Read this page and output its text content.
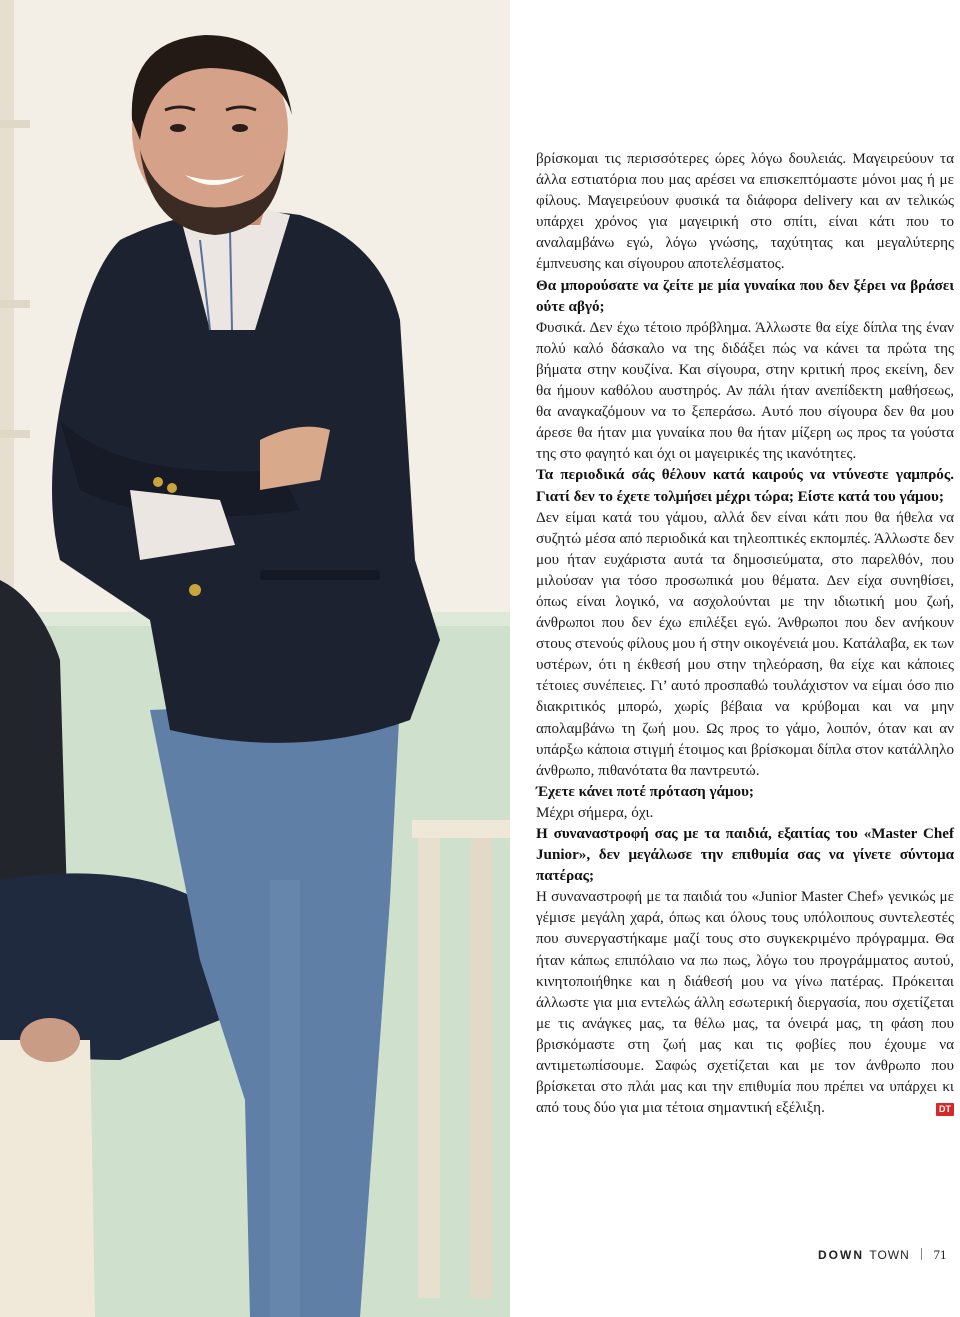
βρίσκομαι τις περισσότερες ώρες λόγω δουλειάς. Μαγειρεύουν τα άλλα εστιατόρια που μας αρέσει να επισκεπτόμαστε μόνοι μας ή με φίλους. Μαγειρεύουν φυσικά τα διάφορα delivery και αν τελικώς υπάρχει χρόνος για μαγειρική στο σπίτι, είναι κάτι που το αναλαμβάνω εγώ, λόγω γνώσης, ταχύτητας και μεγαλύτερης έμπνευσης και σίγουρου αποτελέσματος.

Θα μπορούσατε να ζείτε με μία γυναίκα που δεν ξέρει να βράσει ούτε αβγό;

Φυσικά. Δεν έχω τέτοιο πρόβλημα. Άλλωστε θα είχε δίπλα της έναν πολύ καλό δάσκαλο να της διδάξει πώς να κάνει τα πρώτα της βήματα στην κουζίνα. Και σίγουρα, στην κριτική προς εκείνη, δεν θα ήμουν καθόλου αυστηρός. Αν πάλι ήταν ανεπίδεκτη μαθήσεως, θα αναγκαζόμουν να το ξεπεράσω. Αυτό που σίγουρα δεν θα μου άρεσε θα ήταν μια γυναίκα που θα ήταν μίζερη ως προς τα γούστα της στο φαγητό και όχι οι μαγειρικές της ικανότητες.

Τα περιοδικά σάς θέλουν κατά καιρούς να ντύνεστε γαμπρός. Γιατί δεν το έχετε τολμήσει μέχρι τώρα; Είστε κατά του γάμου;

Δεν είμαι κατά του γάμου, αλλά δεν είναι κάτι που θα ήθελα να συζητώ μέσα από περιοδικά και τηλεοπτικές εκπομπές. Άλλωστε δεν μου ήταν ευχάριστα αυτά τα δημοσιεύματα, στο παρελθόν, που μιλούσαν για τόσο προσωπικά μου θέματα. Δεν είχα συνηθίσει, όπως είναι λογικό, να ασχολούνται με την ιδιωτική μου ζωή, άνθρωποι που δεν έχω επιλέξει εγώ. Άνθρωποι που δεν ανήκουν στους στενούς φίλους μου ή στην οικογένειά μου. Κατάλαβα, εκ των υστέρων, ότι η έκθεσή μου στην τηλεόραση, θα είχε και κάποιες τέτοιες συνέπειες. Γι’ αυτό προσπαθώ τουλάχιστον να είμαι όσο πιο διακριτικός μπορώ, χωρίς βέβαια να κρύβομαι και να μην απολαμβάνω τη ζωή μου. Ως προς το γάμο, λοιπόν, όταν και αν υπάρξω κάποια στιγμή έτοιμος και βρίσκομαι δίπλα στον κατάλληλο άνθρωπο, πιθανότατα θα παντρευτώ.

Έχετε κάνει ποτέ πρόταση γάμου;

Μέχρι σήμερα, όχι.

Η συναναστροφή σας με τα παιδιά, εξαιτίας του «Master Chef Junior», δεν μεγάλωσε την επιθυμία σας να γίνετε σύντομα πατέρας;

Η συναναστροφή με τα παιδιά του «Junior Master Chef» γενικώς με γέμισε μεγάλη χαρά, όπως και όλους τους υπόλοιπους συντελεστές που συνεργαστήκαμε μαζί τους στο συγκεκριμένο πρόγραμμα. Θα ήταν κάπως επιπόλαιο να πω πως, λόγω του προγράμματος αυτού, κινητοποιήθηκε και η διάθεσή μου να γίνω πατέρας. Πρόκειται άλλωστε για μια εντελώς άλλη εσωτερική διεργασία, που σχετίζεται με τις ανάγκες μας, τα θέλω μας, τα όνειρά μας, τη φάση που βρισκόμαστε στη ζωή μας και τις φοβίες που έχουμε να αντιμετωπίσουμε. Σαφώς σχετίζεται και με τον άνθρωπο που βρίσκεται στο πλάι μας και την επιθυμία που πρέπει να υπάρχει κι από τους δύο για μια τέτοια σημαντική εξέλιξη.	DT

DOWN TOWN 71
